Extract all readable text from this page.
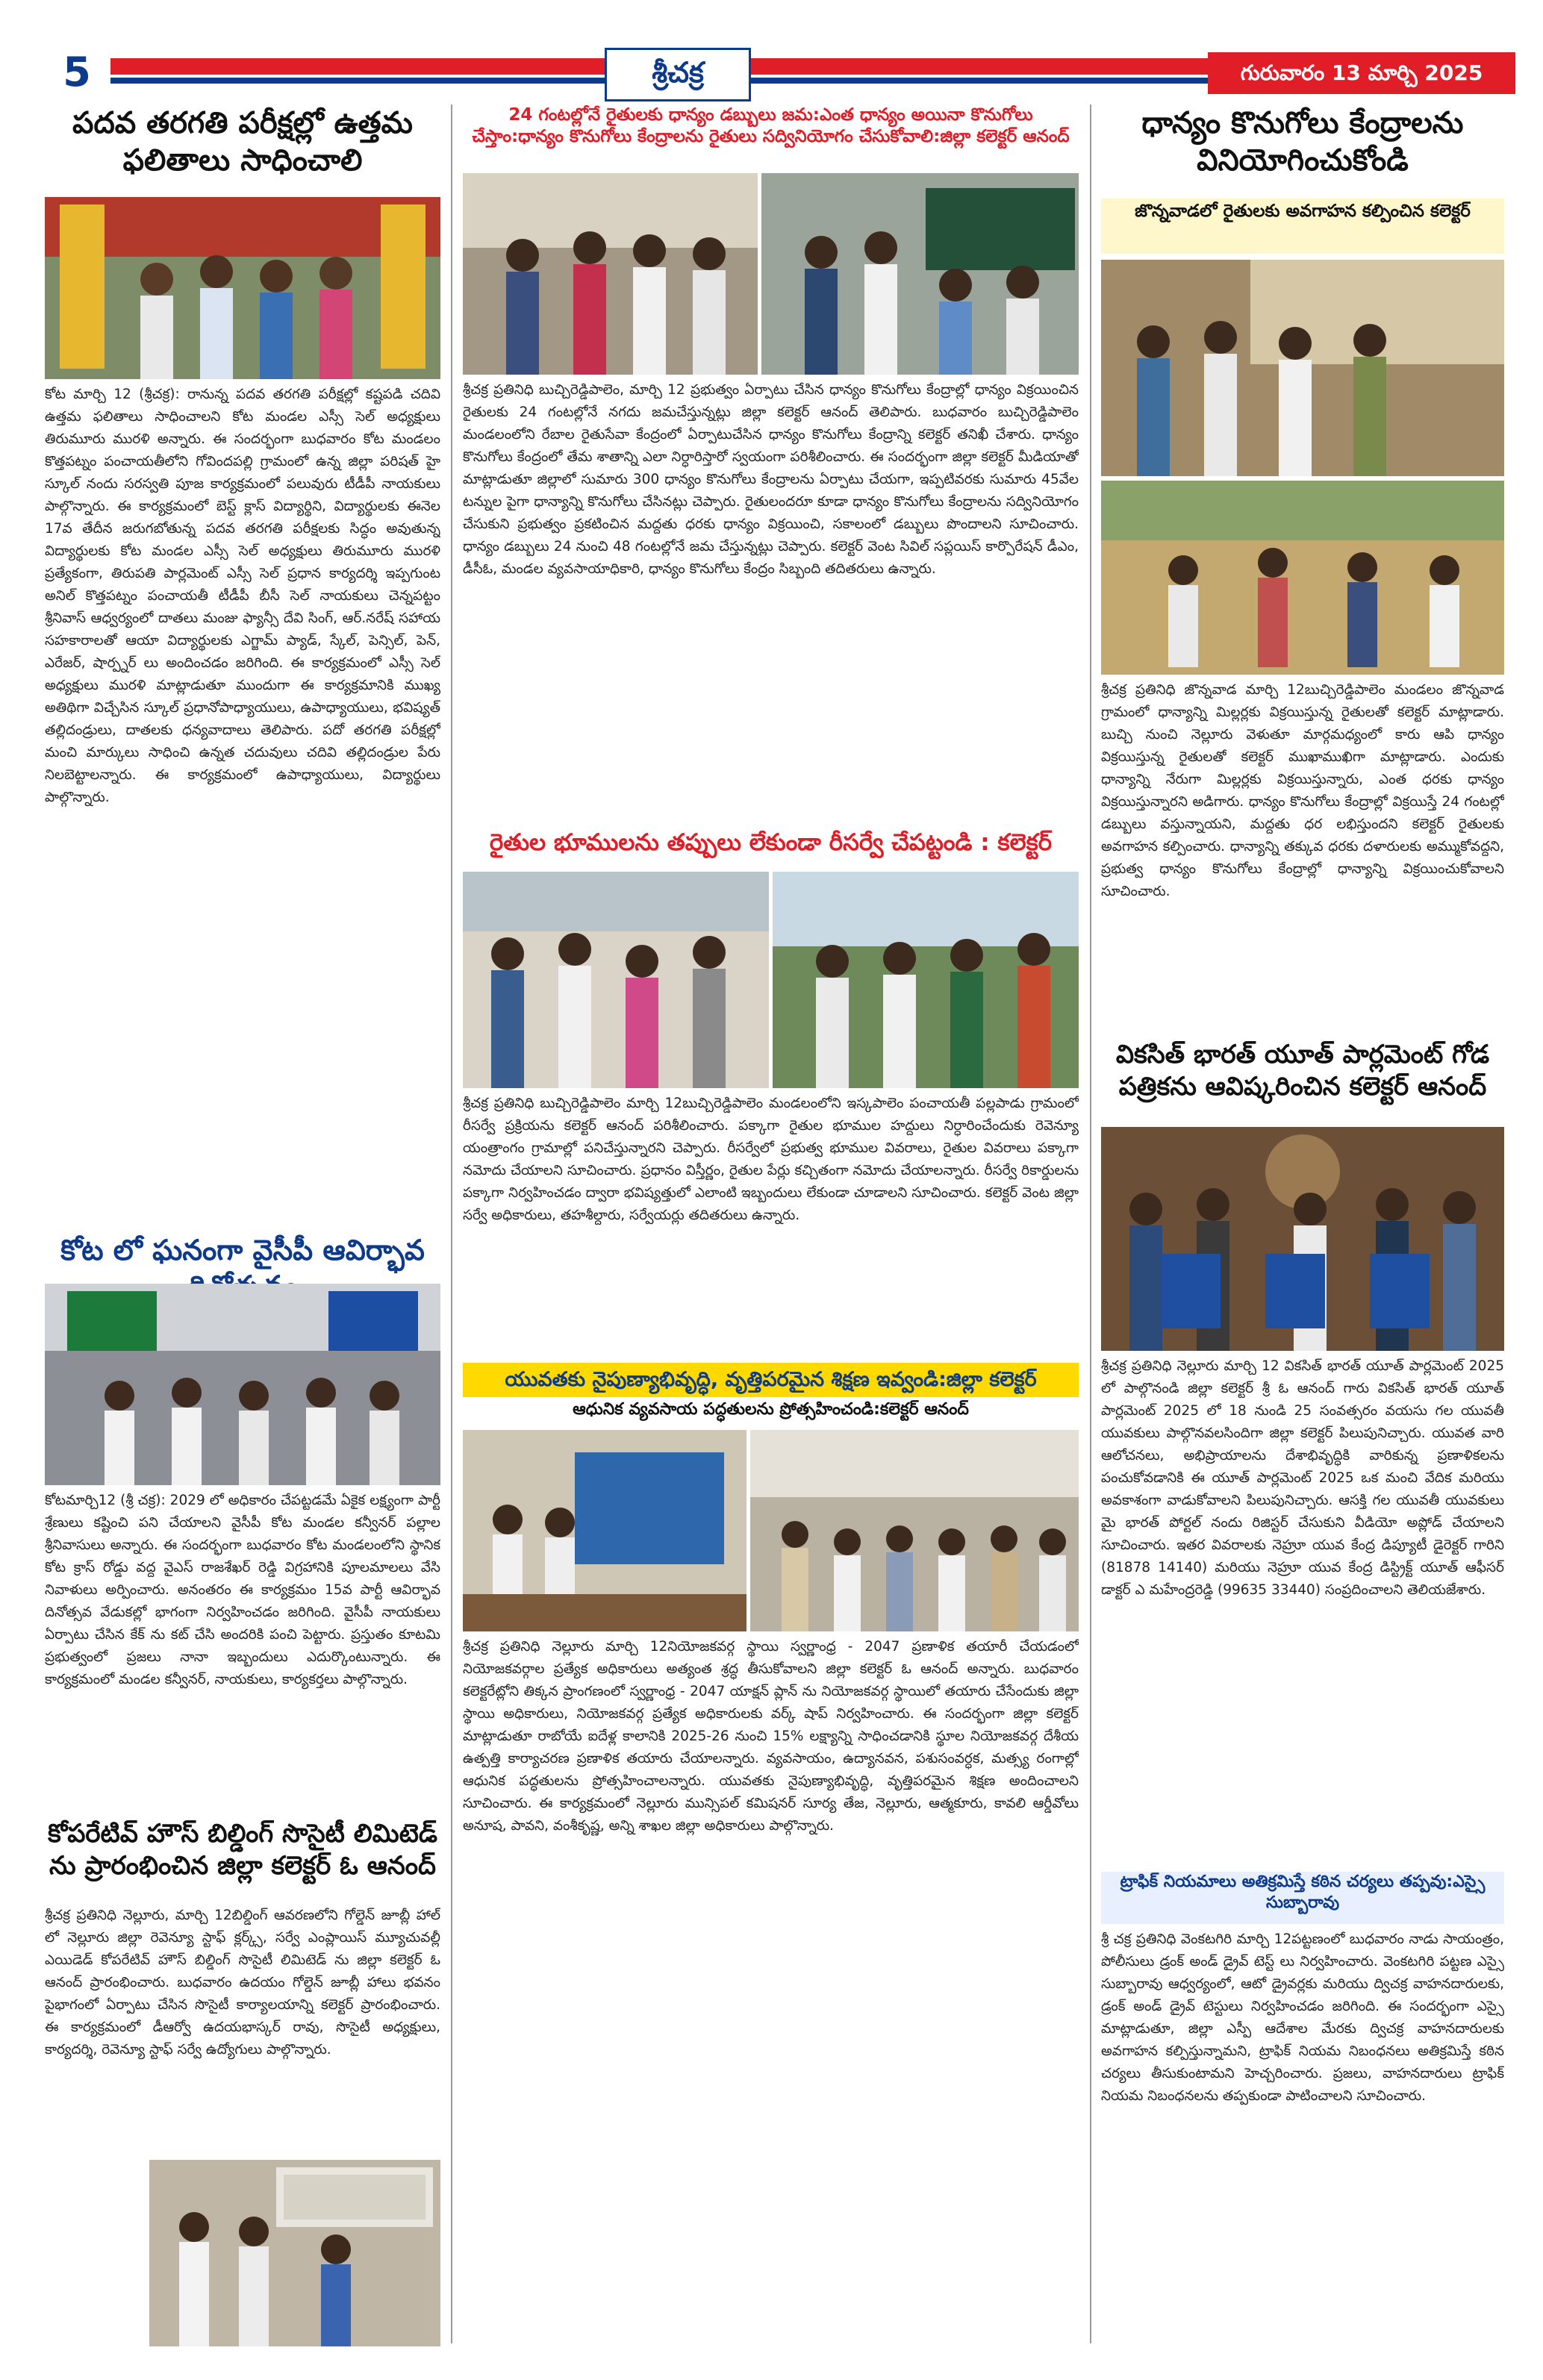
5	శ్రీచక్ర	గురువారం 13 మార్చి 2025
పదవ తరగతి పరీక్షల్లో ఉత్తమ ఫలితాలు సాధించాలి
కోట మార్చి 12 (శ్రీచక్ర): రానున్న పదవ తరగతి పరీక్షల్లో కష్టపడి చదివి ఉత్తమ ఫలితాలు సాధించాలని కోట మండల ఎస్సీ సెల్ అధ్యక్షులు తిరుమూరు మురళి అన్నారు. ఈ సందర్భంగా బుధవారం కోట మండలం కొత్తపట్నం పంచాయతీలోని గోవిందపల్లి గ్రామంలో ఉన్న జిల్లా పరిషత్ హై స్కూల్ నందు సరస్వతి పూజ కార్యక్రమంలో పలువురు టీడీపీ నాయకులు పాల్గొన్నారు. ఈ కార్యక్రమంలో బెస్ట్ క్లాస్ విద్యార్థిని, విద్యార్థులకు ఈనెల 17వ తేదీన జరుగబోతున్న పదవ తరగతి పరీక్షలకు సిద్ధం అవుతున్న విద్యార్థులకు కోట మండల ఎస్సీ సెల్ అధ్యక్షులు తిరుమూరు మురళి ప్రత్యేకంగా, తిరుపతి పార్లమెంట్ ఎస్సీ సెల్ ప్రధాన కార్యదర్శి ఇప్పగుంట అనిల్ కొత్తపట్నం పంచాయతీ టీడీపీ బీసీ సెల్ నాయకులు చెన్నపట్టం శ్రీనివాస్ ఆధ్వర్యంలో దాతలు మంజు ఫ్యాన్సీ దేవి సింగ్, ఆర్.నరేష్ సహాయ సహకారాలతో ఆయా విద్యార్థులకు ఎగ్జామ్ ప్యాడ్, స్కేల్, పెన్సిల్, పెన్, ఎరేజర్, షార్ప్నర్ లు అందించడం జరిగింది. ఈ కార్యక్రమంలో ఎస్సీ సెల్ అధ్యక్షులు మురళి మాట్లాడుతూ ముందుగా ఈ కార్యక్రమానికి ముఖ్య అతిథిగా విచ్చేసిన స్కూల్ ప్రధానోపాధ్యాయులు, ఉపాధ్యాయులు, భవిష్యత్ తల్లిదండ్రులు, దాతలకు ధన్యవాదాలు తెలిపారు. పదో తరగతి పరీక్షల్లో మంచి మార్కులు సాధించి ఉన్నత చదువులు చదివి తల్లిదండ్రుల పేరు నిలబెట్టాలన్నారు. ఈ కార్యక్రమంలో ఉపాధ్యాయులు, విద్యార్థులు పాల్గొన్నారు.
కోట లో ఘనంగా వైసీపీ ఆవిర్భావ
కోటమార్చి12 (శ్రీ చక్ర): 2029 లో అధికారం చేపట్టడమే ఏకైక లక్ష్యంగా పార్టీ శ్రేణులు కష్టించి పని చేయాలని వైసీపీ కోట మండల కన్వీనర్ పల్లాల శ్రీనివాసులు అన్నారు. ఈ సందర్భంగా బుధవారం కోట మండలంలోని స్థానిక కోట క్రాస్ రోడ్డు వద్ద వైఎస్ రాజశేఖర్ రెడ్డి విగ్రహానికి పూలమాలలు వేసి నివాళులు అర్పించారు. అనంతరం ఈ కార్యక్రమం 15వ పార్టీ ఆవిర్భావ దినోత్సవ వేడుకల్లో భాగంగా నిర్వహించడం జరిగింది. వైసీపీ నాయకులు ఏర్పాటు చేసిన కేక్ ను కట్ చేసి అందరికి పంచి పెట్టారు. ప్రస్తుతం కూటమి ప్రభుత్వంలో ప్రజలు నానా ఇబ్బందులు ఎదుర్కొంటున్నారు. ఈ కార్యక్రమంలో మండల కన్వీనర్, నాయకులు, కార్యకర్తలు పాల్గొన్నారు.
కోపరేటివ్ హౌస్ బిల్డింగ్ సొసైటీ లిమిటెడ్ ను ప్రారంభించిన జిల్లా కలెక్టర్ ఓ ఆనంద్
శ్రీచక్ర ప్రతినిధి నెల్లూరు, మార్చి 12బిల్డింగ్ ఆవరణలోని గోల్డెన్ జూబ్లీ హాల్ లో నెల్లూరు జిల్లా రెవెన్యూ స్టాఫ్ క్లర్క్స్, సర్వే ఎంప్లాయిస్ మ్యూచువల్లీ ఎయిడెడ్ కోపరేటివ్ హౌస్ బిల్డింగ్ సొసైటీ లిమిటెడ్ ను జిల్లా కలెక్టర్ ఓ ఆనంద్ ప్రారంభించారు. బుధవారం ఉదయం గోల్డెన్ జూబ్లీ హాలు భవనం పైభాగంలో ఏర్పాటు చేసిన సొసైటీ కార్యాలయాన్ని కలెక్టర్ ప్రారంభించారు. ఈ కార్యక్రమంలో డీఆర్వో ఉదయభాస్కర్ రావు, సొసైటీ అధ్యక్షులు, కార్యదర్శి, రెవెన్యూ స్టాఫ్ సర్వే ఉద్యోగులు పాల్గొన్నారు.
24 గంటల్లోనే రైతులకు ధాన్యం డబ్బులు జమ:ఎంత ధాన్యం అయినా కొనుగోలు చేస్తాం:ధాన్యం కొనుగోలు కేంద్రాలను రైతులు సద్వినియోగం చేసుకోవాలి:జిల్లా కలెక్టర్ ఆనంద్
శ్రీచక్ర ప్రతినిధి బుచ్చిరెడ్డిపాలెం, మార్చి 12 ప్రభుత్వం ఏర్పాటు చేసిన ధాన్యం కొనుగోలు కేంద్రాల్లో ధాన్యం విక్రయించిన రైతులకు 24 గంటల్లోనే నగదు జమచేస్తున్నట్లు జిల్లా కలెక్టర్ ఆనంద్ తెలిపారు. బుధవారం బుచ్చిరెడ్డిపాలెం మండలంలోని రేబాల రైతుసేవా కేంద్రంలో ఏర్పాటుచేసిన ధాన్యం కొనుగోలు కేంద్రాన్ని కలెక్టర్ తనిఖీ చేశారు. ధాన్యం కొనుగోలు కేంద్రంలో తేమ శాతాన్ని ఎలా నిర్ధారిస్తారో స్వయంగా పరిశీలించారు. ఈ సందర్భంగా జిల్లా కలెక్టర్ మీడియాతో మాట్లాడుతూ జిల్లాలో సుమారు 300 ధాన్యం కొనుగోలు కేంద్రాలను ఏర్పాటు చేయగా, ఇప్పటివరకు సుమారు 45వేల టన్నుల పైగా ధాన్యాన్ని కొనుగోలు చేసినట్లు చెప్పారు. రైతులందరూ కూడా ధాన్యం కొనుగోలు కేంద్రాలను సద్వినియోగం చేసుకుని ప్రభుత్వం ప్రకటించిన మద్దతు ధరకు ధాన్యం విక్రయించి, సకాలంలో డబ్బులు పొందాలని సూచించారు. ధాన్యం డబ్బులు 24 నుంచి 48 గంటల్లోనే జమ చేస్తున్నట్లు చెప్పారు. కలెక్టర్ వెంట సివిల్ సప్లయిస్ కార్పొరేషన్ డీఎం, డీసీఓ, మండల వ్యవసాయాధికారి, ధాన్యం కొనుగోలు కేంద్రం సిబ్బంది తదితరులు ఉన్నారు.
రైతుల భూములను తప్పులు లేకుండా రీసర్వే చేపట్టండి : కలెక్టర్
శ్రీచక్ర ప్రతినిధి బుచ్చిరెడ్డిపాలెం మార్చి 12బుచ్చిరెడ్డిపాలెం మండలంలోని ఇస్కపాలెం పంచాయతీ పల్లపాడు గ్రామంలో రీసర్వే ప్రక్రియను కలెక్టర్ ఆనంద్ పరిశీలించారు. పక్కాగా రైతుల భూముల హద్దులు నిర్ధారించేందుకు రెవెన్యూ యంత్రాంగం గ్రామాల్లో పనిచేస్తున్నారని చెప్పారు. రీసర్వేలో ప్రభుత్వ భూముల వివరాలు, రైతుల వివరాలు పక్కాగా నమోదు చేయాలని సూచించారు. ప్రధానం విస్తీర్ణం, రైతుల పేర్లు కచ్చితంగా నమోదు చేయాలన్నారు. రీసర్వే రికార్డులను పక్కాగా నిర్వహించడం ద్వారా భవిష్యత్తులో ఎలాంటి ఇబ్బందులు లేకుండా చూడాలని సూచించారు. కలెక్టర్ వెంట జిల్లా సర్వే అధికారులు, తహశీల్దారు, సర్వేయర్లు తదితరులు ఉన్నారు.
యువతకు నైపుణ్యాభివృద్ధి, వృత్తిపరమైన శిక్షణ ఇవ్వండి:జిల్లా కలెక్టర్
ఆధునిక వ్యవసాయ పద్ధతులను ప్రోత్సహించండి:కలెక్టర్ ఆనంద్
శ్రీచక్ర ప్రతినిధి నెల్లూరు మార్చి 12నియోజకవర్గ స్థాయి స్వర్ణాంధ్ర - 2047 ప్రణాళిక తయారీ చేయడంలో నియోజకవర్గాల ప్రత్యేక అధికారులు అత్యంత శ్రద్ధ తీసుకోవాలని జిల్లా కలెక్టర్ ఓ ఆనంద్ అన్నారు. బుధవారం కలెక్టరేట్లోని తిక్కన ప్రాంగణంలో స్వర్ణాంధ్ర - 2047 యాక్షన్ ప్లాన్ ను నియోజకవర్గ స్థాయిలో తయారు చేసేందుకు జిల్లా స్థాయి అధికారులు, నియోజకవర్గ ప్రత్యేక అధికారులకు వర్క్ షాప్ నిర్వహించారు. ఈ సందర్భంగా జిల్లా కలెక్టర్ మాట్లాడుతూ రాబోయే ఐదేళ్ల కాలానికి 2025-26 నుంచి 15% లక్ష్యాన్ని సాధించడానికి స్థూల నియోజకవర్గ దేశీయ ఉత్పత్తి కార్యాచరణ ప్రణాళిక తయారు చేయాలన్నారు. వ్యవసాయం, ఉద్యానవన, పశుసంవర్ధక, మత్స్య రంగాల్లో ఆధునిక పద్ధతులను ప్రోత్సహించాలన్నారు. యువతకు నైపుణ్యాభివృద్ధి, వృత్తిపరమైన శిక్షణ అందించాలని సూచించారు. ఈ కార్యక్రమంలో నెల్లూరు మున్సిపల్ కమిషనర్ సూర్య తేజ, నెల్లూరు, ఆత్మకూరు, కావలి ఆర్డీవోలు అనూష, పావని, వంశీకృష్ణ, అన్ని శాఖల జిల్లా అధికారులు పాల్గొన్నారు.
ధాన్యం కొనుగోలు కేంద్రాలను వినియోగించుకోండి
జొన్నవాడలో రైతులకు అవగాహన కల్పించిన కలెక్టర్
శ్రీచక్ర ప్రతినిధి జొన్నవాడ మార్చి 12బుచ్చిరెడ్డిపాలెం మండలం జొన్నవాడ గ్రామంలో ధాన్యాన్ని మిల్లర్లకు విక్రయిస్తున్న రైతులతో కలెక్టర్ మాట్లాడారు. బుచ్చి నుంచి నెల్లూరు వెళుతూ మార్గమధ్యంలో కారు ఆపి ధాన్యం విక్రయిస్తున్న రైతులతో కలెక్టర్ ముఖాముఖిగా మాట్లాడారు. ఎందుకు ధాన్యాన్ని నేరుగా మిల్లర్లకు విక్రయిస్తున్నారు, ఎంత ధరకు ధాన్యం విక్రయిస్తున్నారని అడిగారు. ధాన్యం కొనుగోలు కేంద్రాల్లో విక్రయిస్తే 24 గంటల్లో డబ్బులు వస్తున్నాయని, మద్దతు ధర లభిస్తుందని కలెక్టర్ రైతులకు అవగాహన కల్పించారు. ధాన్యాన్ని తక్కువ ధరకు దళారులకు అమ్ముకోవద్దని, ప్రభుత్వ ధాన్యం కొనుగోలు కేంద్రాల్లో ధాన్యాన్ని విక్రయించుకోవాలని సూచించారు.
వికసిత్ భారత్ యూత్ పార్లమెంట్ గోడ పత్రికను ఆవిష్కరించిన కలెక్టర్ ఆనంద్
శ్రీచక్ర ప్రతినిధి నెల్లూరు మార్చి 12 వికసిత్ భారత్ యూత్ పార్లమెంట్ 2025 లో పాల్గొనండి జిల్లా కలెక్టర్ శ్రీ ఓ ఆనంద్ గారు వికసిత్ భారత్ యూత్ పార్లమెంట్ 2025 లో 18 నుండి 25 సంవత్సరం వయసు గల యువతీ యువకులు పాల్గొనవలసిందిగా జిల్లా కలెక్టర్ పిలుపునిచ్చారు. యువత వారి ఆలోచనలు, అభిప్రాయాలను దేశాభివృద్ధికి వారికున్న ప్రణాళికలను పంచుకోవడానికి ఈ యూత్ పార్లమెంట్ 2025 ఒక మంచి వేదిక మరియు అవకాశంగా వాడుకోవాలని పిలుపునిచ్చారు. ఆసక్తి గల యువతీ యువకులు మై భారత్ పోర్టల్ నందు రిజిస్టర్ చేసుకుని వీడియో అప్లోడ్ చేయాలని సూచించారు. ఇతర వివరాలకు నెహ్రూ యువ కేంద్ర డిప్యూటీ డైరెక్టర్ గారిని (81878 14140) మరియు నెహ్రూ యువ కేంద్ర డిస్ట్రిక్ట్ యూత్ ఆఫీసర్ డాక్టర్ ఎ మహేంద్రరెడ్డి (99635 33440) సంప్రదించాలని తెలియజేశారు.
ట్రాఫిక్ నియమాలు అతిక్రమిస్తే కఠిన చర్యలు తప్పవు:ఎస్సై సుబ్బారావు
శ్రీ చక్ర ప్రతినిధి వెంకటగిరి మార్చి 12పట్టణంలో బుధవారం నాడు సాయంత్రం, పోలీసులు డ్రంక్ అండ్ డ్రైవ్ టెస్ట్ లు నిర్వహించారు. వెంకటగిరి పట్టణ ఎస్సై సుబ్బారావు ఆధ్వర్యంలో, ఆటో డ్రైవర్లకు మరియు ద్విచక్ర వాహనదారులకు, డ్రంక్ అండ్ డ్రైవ్ టెస్టులు నిర్వహించడం జరిగింది. ఈ సందర్భంగా ఎస్సై మాట్లాడుతూ, జిల్లా ఎస్పీ ఆదేశాల మేరకు ద్విచక్ర వాహనదారులకు అవగాహన కల్పిస్తున్నామని, ట్రాఫిక్ నియమ నిబంధనలు అతిక్రమిస్తే కఠిన చర్యలు తీసుకుంటామని హెచ్చరించారు. ప్రజలు, వాహనదారులు ట్రాఫిక్ నియమ నిబంధనలను తప్పకుండా పాటించాలని సూచించారు.
